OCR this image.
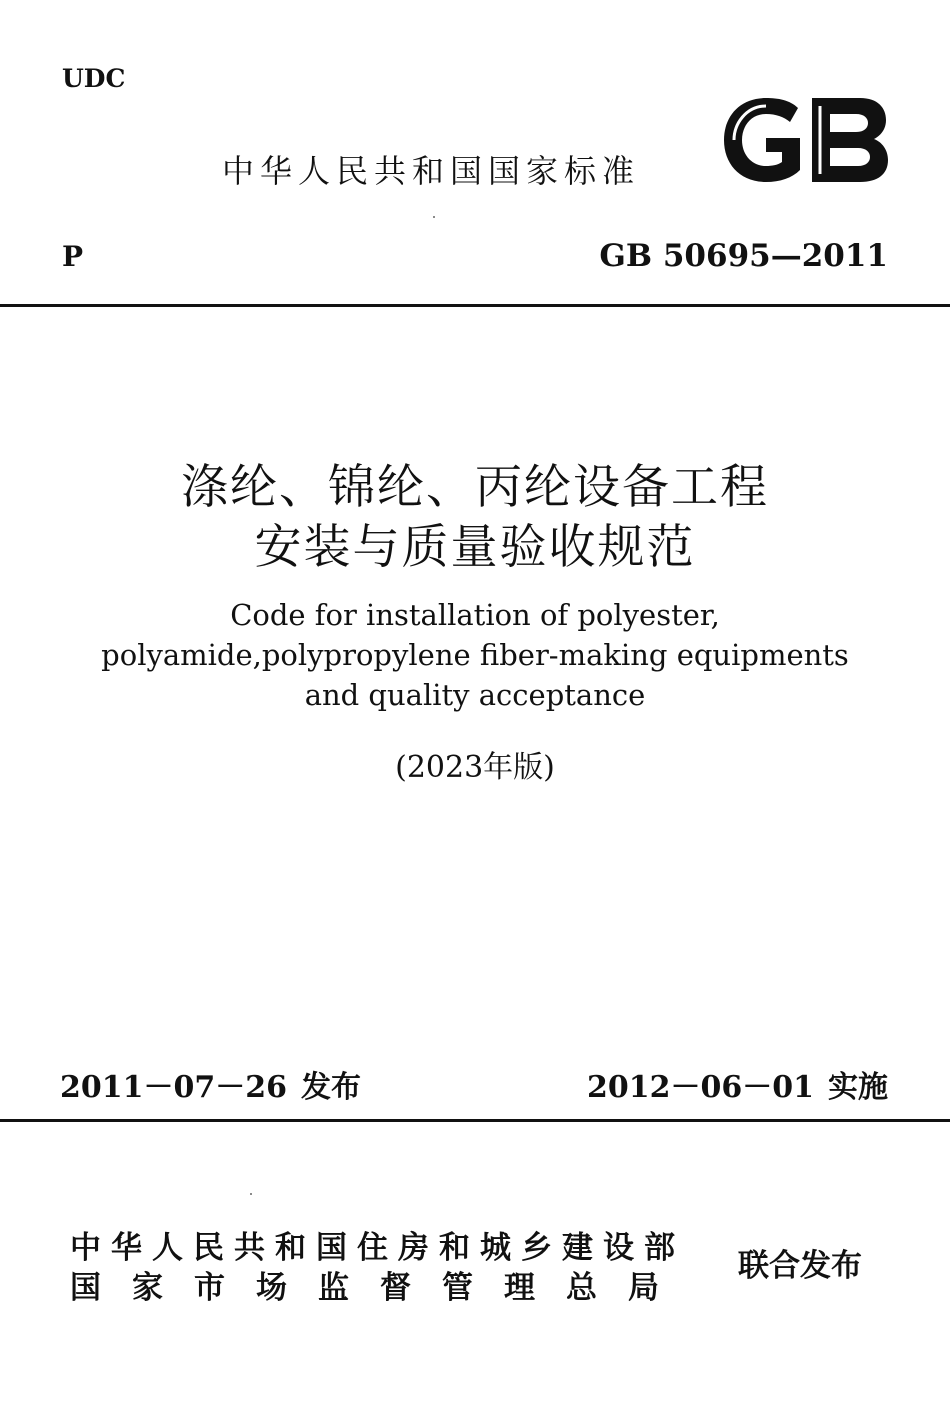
UDC
中华人民共和国国家标准
P	GB 50695—2011
涤纶、锦纶、丙纶设备工程
安装与质量验收规范
Code for installation of polyester,
polyamide,polypropylene fiber-making equipments
and quality acceptance
(2023年版)
2011－07－26 发布	2012－06－01 实施
中华人民共和国住房和城乡建设部
国家市场监督管理总局
联合发布
